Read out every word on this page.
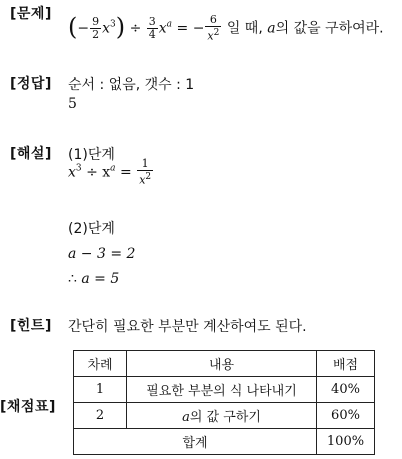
[문제] (− $\frac{9}{2} x^3) \div \frac{3}{4} x^a$ = − $\frac{6}{x^2}$ 일 때, a의 값을 구하여라.
[정답] 순서 : 없음, 갯수 : 1
5
[해설] (1)단계
$x^3 \div x^a = \frac{1}{x^2}$
(2)단계
a − 3 = 2
∴ a = 5
[힌트] 간단히 필요한 부분만 계산하여도 된다.
[채점표]
차례	내용	배점
1	필요한 부분의 식 나타내기	40%
2	a의 값 구하기	60%
합계		100%
